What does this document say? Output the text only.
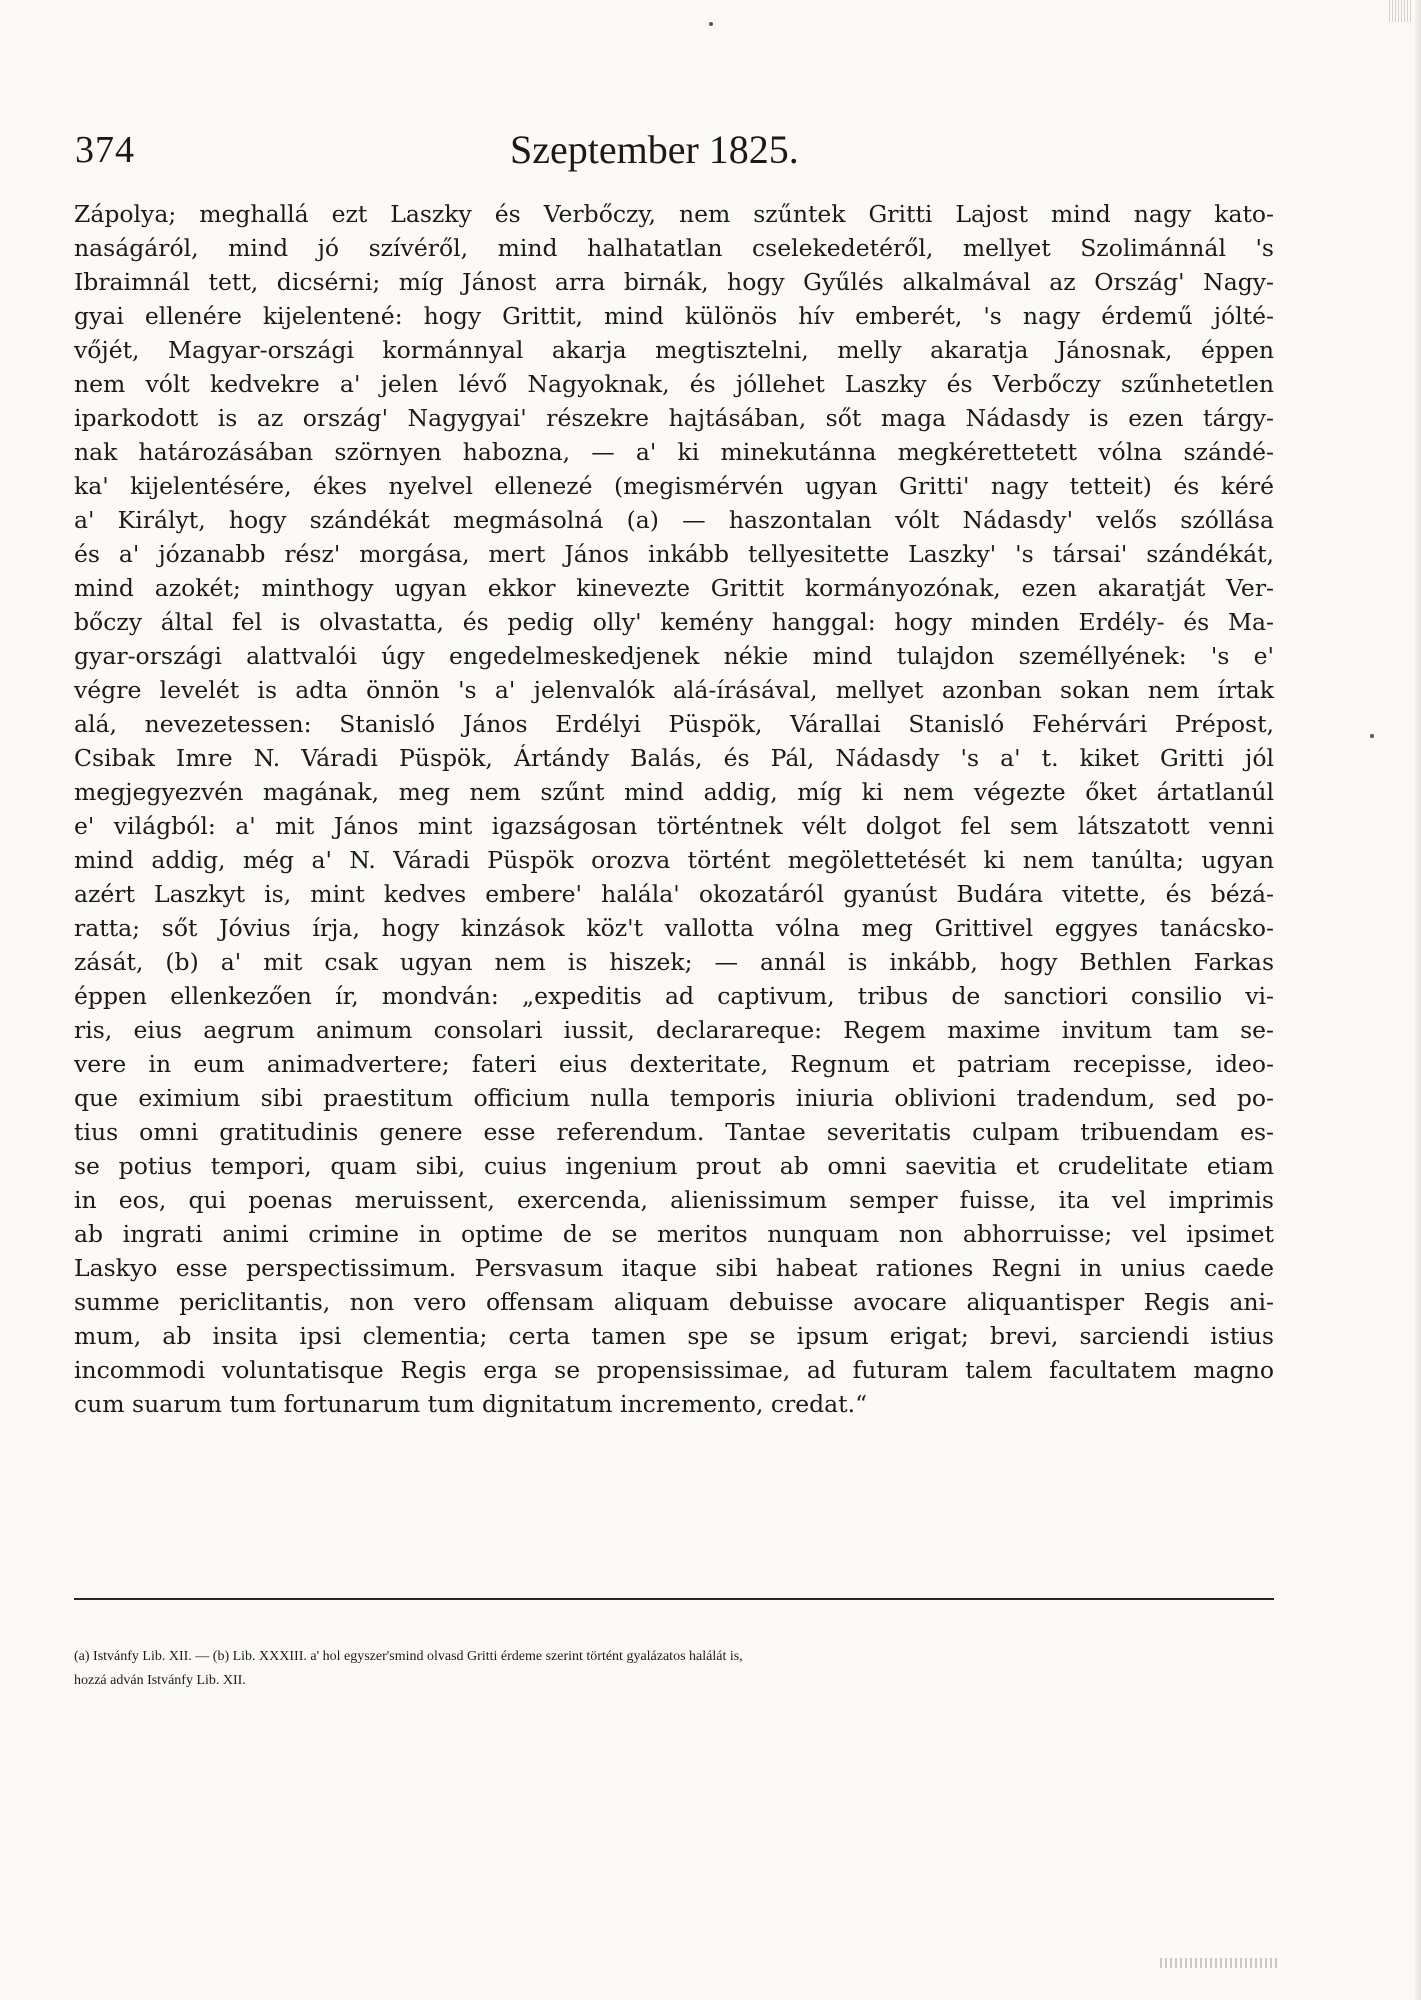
374	Szeptember 1825.
Zápolya; meghallá ezt Laszky és Verbőczy, nem szűntek Gritti Lajost mind nagy kato-
naságáról, mind jó szívéről, mind halhatatlan cselekedetéről, mellyet Szolimánnál 's
Ibraimnál tett, dicsérni; míg Jánost arra birnák, hogy Gyűlés alkalmával az Ország' Nagy-
gyai ellenére kijelentené: hogy Grittit, mind különös hív emberét, 's nagy érdemű jólté-
vőjét, Magyar-országi kormánnyal akarja megtisztelni, melly akaratja Jánosnak, éppen
nem vólt kedvekre a' jelen lévő Nagyoknak, és jóllehet Laszky és Verbőczy szűnhetetlen
iparkodott is az ország' Nagygyai' részekre hajtásában, sőt maga Nádasdy is ezen tárgy-
nak határozásában szörnyen habozna, — a' ki minekutánna megkérettetett vólna szándé-
ka' kijelentésére, ékes nyelvel ellenezé (megismérvén ugyan Gritti' nagy tetteit) és kéré
a' Királyt, hogy szándékát megmásolná (a) — haszontalan vólt Nádasdy' velős szóllása
és a' józanabb rész' morgása, mert János inkább tellyesitette Laszky' 's társai' szándékát,
mind azokét; minthogy ugyan ekkor kinevezte Grittit kormányozónak, ezen akaratját Ver-
bőczy által fel is olvastatta, és pedig olly' kemény hanggal: hogy minden Erdély- és Ma-
gyar-országi alattvalói úgy engedelmeskedjenek nékie mind tulajdon személlyének: 's e'
végre levelét is adta önnön 's a' jelenvalók alá-írásával, mellyet azonban sokan nem írtak
alá, nevezetessen: Stanisló János Erdélyi Püspök, Várallai Stanisló Fehérvári Prépost,
Csibak Imre N. Váradi Püspök, Ártándy Balás, és Pál, Nádasdy 's a' t. kiket Gritti jól
megjegyezvén magának, meg nem szűnt mind addig, míg ki nem végezte őket ártatlanúl
e' világból: a' mit János mint igazságosan történtnek vélt dolgot fel sem látszatott venni
mind addig, még a' N. Váradi Püspök orozva történt megölettetését ki nem tanúlta; ugyan
azért Laszkyt is, mint kedves embere' halála' okozatáról gyanúst Budára vitette, és bézá-
ratta; sőt Jóvius írja, hogy kinzások köz't vallotta vólna meg Grittivel eggyes tanácsko-
zását, (b) a' mit csak ugyan nem is hiszek; — annál is inkább, hogy Bethlen Farkas
éppen ellenkezően ír, mondván: „expeditis ad captivum, tribus de sanctiori consilio vi-
ris, eius aegrum animum consolari iussit, declarareque: Regem maxime invitum tam se-
vere in eum animadvertere; fateri eius dexteritate, Regnum et patriam recepisse, ideo-
que eximium sibi praestitum officium nulla temporis iniuria oblivioni tradendum, sed po-
tius omni gratitudinis genere esse referendum. Tantae severitatis culpam tribuendam es-
se potius tempori, quam sibi, cuius ingenium prout ab omni saevitia et crudelitate etiam
in eos, qui poenas meruissent, exercenda, alienissimum semper fuisse, ita vel imprimis
ab ingrati animi crimine in optime de se meritos nunquam non abhorruisse; vel ipsimet
Laskyo esse perspectissimum. Persvasum itaque sibi habeat rationes Regni in unius caede
summe periclitantis, non vero offensam aliquam debuisse avocare aliquantisper Regis ani-
mum, ab insita ipsi clementia; certa tamen spe se ipsum erigat; brevi, sarciendi istius
incommodi voluntatisque Regis erga se propensissimae, ad futuram talem facultatem magno
cum suarum tum fortunarum tum dignitatum incremento, credat.“
(a) Istvánfy Lib. XII. — (b) Lib. XXXIII. a' hol egyszer'smind olvasd Gritti érdeme szerint történt gyalázatos halálát is,
hozzá adván Istvánfy Lib. XII.
